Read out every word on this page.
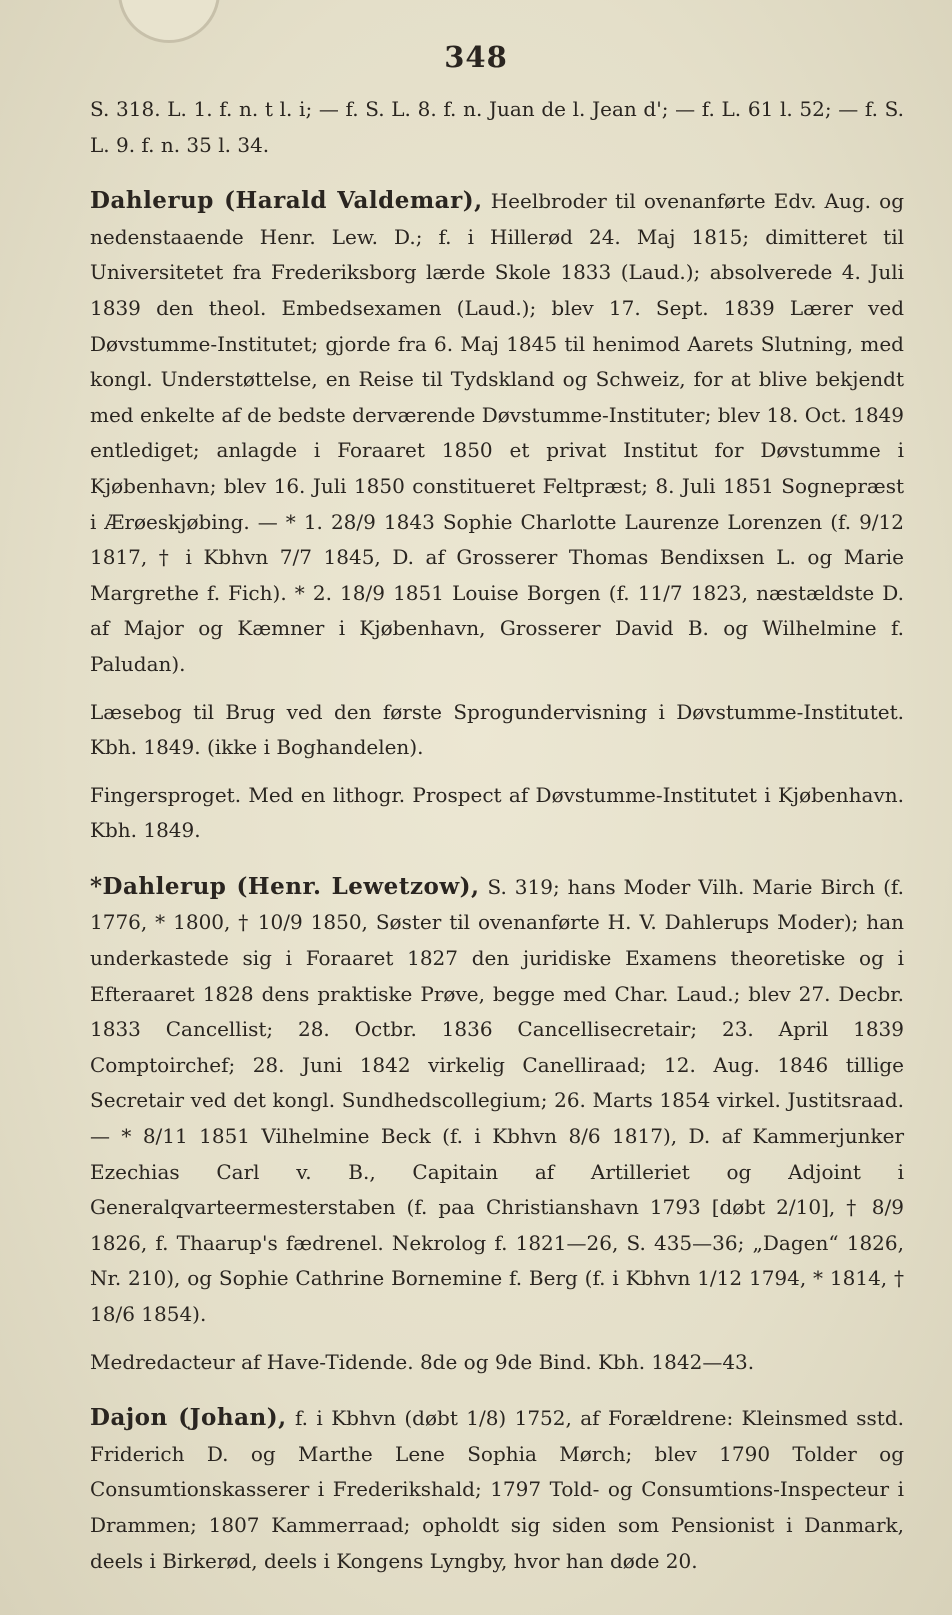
348

S. 318. L. 1. f. n. t l. i; — f. S. L. 8. f. n. Juan de l. Jean d'; — f. L. 61 l. 52; — f. S. L. 9. f. n. 35 l. 34.

Dahlerup (Harald Valdemar), Heelbroder til ovenanførte Edv. Aug. og nedenstaaende Henr. Lew. D.; f. i Hillerød 24. Maj 1815; dimitteret til Universitetet fra Frederiksborg lærde Skole 1833 (Laud.); absolverede 4. Juli 1839 den theol. Embedsexamen (Laud.); blev 17. Sept. 1839 Lærer ved Døvstumme-Institutet; gjorde fra 6. Maj 1845 til henimod Aarets Slutning, med kongl. Understøttelse, en Reise til Tydskland og Schweiz, for at blive bekjendt med enkelte af de bedste derværende Døvstumme-Instituter; blev 18. Oct. 1849 entlediget; anlagde i Foraaret 1850 et privat Institut for Døvstumme i Kjøbenhavn; blev 16. Juli 1850 constitueret Feltpræst; 8. Juli 1851 Sognepræst i Ærøeskjøbing. — * 1. 28/9 1843 Sophie Charlotte Laurenze Lorenzen (f. 9/12 1817, † i Kbhvn 7/7 1845, D. af Grosserer Thomas Bendixsen L. og Marie Margrethe f. Fich). * 2. 18/9 1851 Louise Borgen (f. 11/7 1823, næstældste D. af Major og Kæmner i Kjøbenhavn, Grosserer David B. og Wilhelmine f. Paludan).

Læsebog til Brug ved den første Sprogundervisning i Døvstumme-Institutet. Kbh. 1849. (ikke i Boghandelen).

Fingersproget. Med en lithogr. Prospect af Døvstumme-Institutet i Kjøbenhavn. Kbh. 1849.

*Dahlerup (Henr. Lewetzow), S. 319; hans Moder Vilh. Marie Birch (f. 1776, * 1800, † 10/9 1850, Søster til ovenanførte H. V. Dahlerups Moder); han underkastede sig i Foraaret 1827 den juridiske Examens theoretiske og i Efteraaret 1828 dens praktiske Prøve, begge med Char. Laud.; blev 27. Decbr. 1833 Cancellist; 28. Octbr. 1836 Cancellisecretair; 23. April 1839 Comptoirchef; 28. Juni 1842 virkelig Canelliraad; 12. Aug. 1846 tillige Secretair ved det kongl. Sundhedscollegium; 26. Marts 1854 virkel. Justitsraad. — * 8/11 1851 Vilhelmine Beck (f. i Kbhvn 8/6 1817), D. af Kammerjunker Ezechias Carl v. B., Capitain af Artilleriet og Adjoint i Generalqvarteermesterstaben (f. paa Christianshavn 1793 [døbt 2/10], † 8/9 1826, f. Thaarup's fædrenel. Nekrolog f. 1821—26, S. 435—36; „Dagen“ 1826, Nr. 210), og Sophie Cathrine Bornemine f. Berg (f. i Kbhvn 1/12 1794, * 1814, † 18/6 1854).

Medredacteur af Have-Tidende. 8de og 9de Bind. Kbh. 1842—43.

Dajon (Johan), f. i Kbhvn (døbt 1/8) 1752, af Forældrene: Kleinsmed sstd. Friderich D. og Marthe Lene Sophia Mørch; blev 1790 Tolder og Consumtionskasserer i Frederikshald; 1797 Told- og Consumtions-Inspecteur i Drammen; 1807 Kammerraad; opholdt sig siden som Pensionist i Danmark, deels i Birkerød, deels i Kongens Lyngby, hvor han døde 20.
